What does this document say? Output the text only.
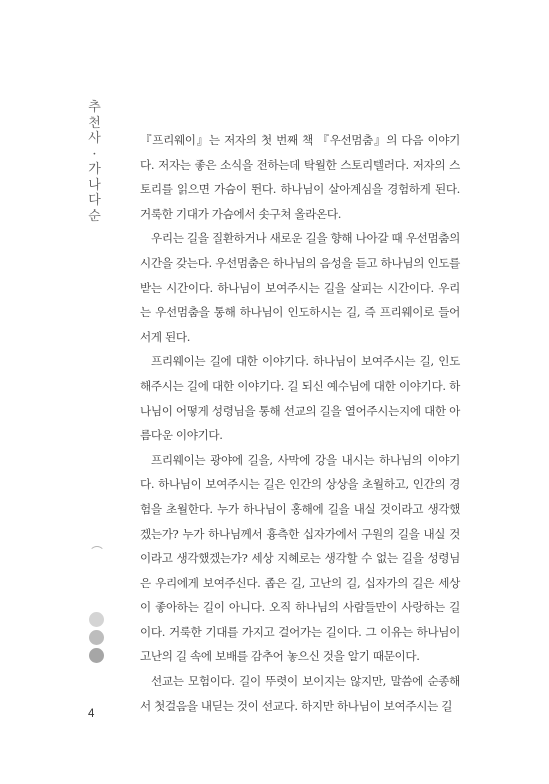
추천사 · 가나다 순

『프리웨이』는 저자의 첫 번째 책 『우선멈춤』의 다음 이야기다. 저자는 좋은 소식을 전하는데 탁월한 스토리텔러다. 저자의 스토리를 읽으면 가슴이 뛴다. 하나님이 살아계심을 경험하게 된다. 거룩한 기대가 가슴에서 솟구쳐 올라온다.

우리는 길을 질환하거나 새로운 길을 향해 나아갈 때 우선멈춤의 시간을 갖는다. 우선멈춤은 하나님의 음성을 듣고 하나님의 인도를 받는 시간이다. 하나님이 보여주시는 길을 살피는 시간이다. 우리는 우선멈춤을 통해 하나님이 인도하시는 길, 즉 프리웨이로 들어서게 된다.

프리웨이는 길에 대한 이야기다. 하나님이 보여주시는 길, 인도해주시는 길에 대한 이야기다. 길 되신 예수님에 대한 이야기다. 하나님이 어떻게 성령님을 통해 선교의 길을 열어주시는지에 대한 아름다운 이야기다.

프리웨이는 광야에 길을, 사막에 강을 내시는 하나님의 이야기다. 하나님이 보여주시는 길은 인간의 상상을 초월하고, 인간의 경험을 초월한다. 누가 하나님이 홍해에 길을 내실 것이라고 생각했겠는가? 누가 하나님께서 흉측한 십자가에서 구원의 길을 내실 것이라고 생각했겠는가? 세상 지혜로는 생각할 수 없는 길을 성령님은 우리에게 보여주신다. 좁은 길, 고난의 길, 십자가의 길은 세상이 좋아하는 길이 아니다. 오직 하나님의 사람들만이 사랑하는 길이다. 거룩한 기대를 가지고 걸어가는 길이다. 그 이유는 하나님이 고난의 길 속에 보배를 감추어 놓으신 것을 알기 때문이다.

선교는 모험이다. 길이 뚜렷이 보이지는 않지만, 말씀에 순종해서 첫걸음을 내딛는 것이 선교다. 하지만 하나님이 보여주시는 길

4
